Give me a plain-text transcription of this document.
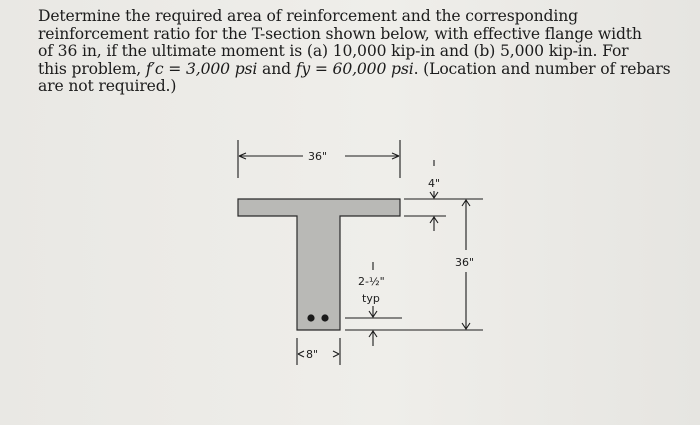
Determine the required area of reinforcement and the corresponding
reinforcement ratio for the T-section shown below, with effective flange width
of 36 in, if the ultimate moment is (a) 10,000 kip-in and (b) 5,000 kip-in. For
this problem, f′c = 3,000 psi and fy = 60,000 psi. (Location and number of rebars
are not required.)
36"
4"
36"
2-½"
typ
8"
